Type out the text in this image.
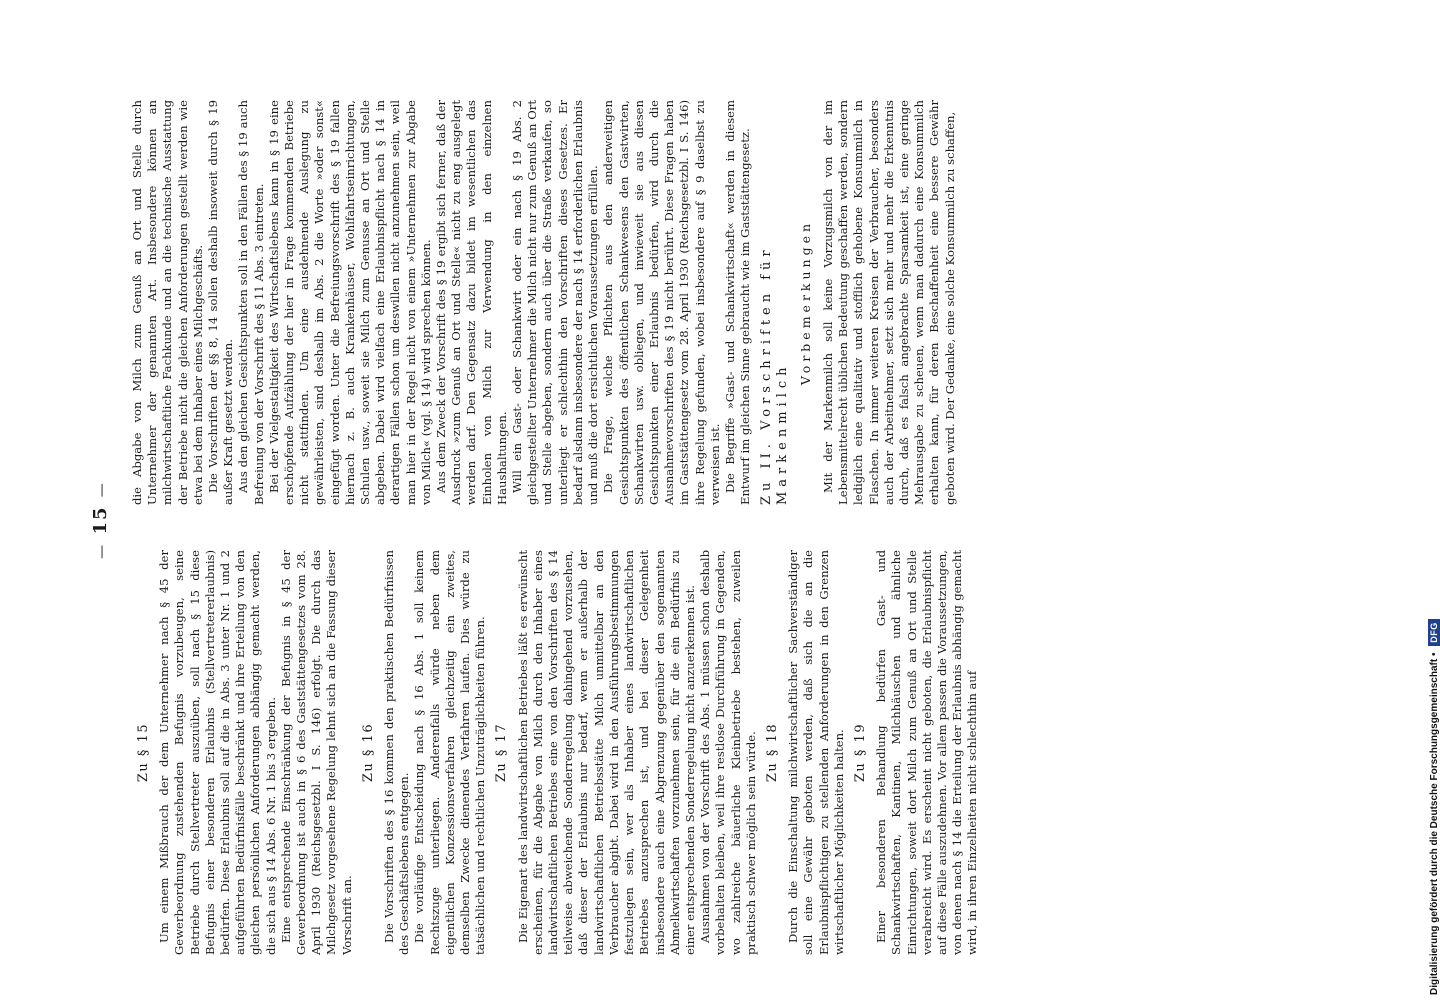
— 15 —
Zu § 15 Um einem Mißbrauch der dem Unternehmer nach § 45 der Gewerbeordnung zustehenden Befugnis vorzubeugen, seine Betriebe durch Stellvertreter auszuüben, soll nach § 15 diese Befugnis einer besonderen Erlaubnis (Stellvertretererlaubnis) bedürfen. Diese Erlaubnis soll auf die in Abs. 3 unter Nr. 1 und 2 aufgeführten Bedürfnisfälle beschränkt und ihre Erteilung von den gleichen persönlichen Anforderungen abhängig gemacht werden, die sich aus § 14 Abs. 6 Nr. 1 bis 3 ergeben. Eine entsprechende Einschränkung der Befugnis in § 45 der Gewerbeordnung ist auch in § 6 des Gaststättengesetzes vom 28. April 1930 (Reichsgesetzbl. I S. 146) erfolgt. Die durch das Milchgesetz vorgesehene Regelung lehnt sich an die Fassung dieser Vorschrift an.

Zu § 16 Die Vorschriften des § 16 kommen den praktischen Bedürfnissen des Geschäftslebens entgegen. Die vorläufige Entscheidung nach § 16 Abs. 1 soll keinem Rechtszuge unterliegen. Anderenfalls würde neben dem eigentlichen Konzessionsverfahren gleichzeitig ein zweites, demselben Zwecke dienendes Verfahren laufen. Dies würde zu tatsächlichen und rechtlichen Unzuträglichkeiten führen. Zu § 17 Die Eigenart des landwirtschaftlichen Betriebes läßt es erwünscht erscheinen, für die Abgabe von Milch durch den Inhaber eines landwirtschaftlichen Betriebes eine von den Vorschriften des § 14 teilweise abweichende Sonderregelung dahingehend vorzusehen, daß dieser der Erlaubnis nur bedarf, wenn er außerhalb der landwirtschaftlichen Betriebsstätte Milch unmittelbar an den Verbraucher abgibt. Dabei wird in den Ausführungsbestimmungen festzulegen sein, wer als Inhaber eines landwirtschaftlichen Betriebes anzusprechen ist, und bei dieser Gelegenheit insbesondere auch eine Abgrenzung gegenüber den sogenannten Abmelkwirtschaften vorzunehmen sein, für die ein Bedürfnis zu einer entsprechenden Sonderregelung nicht anzuerkennen ist. Ausnahmen von der Vorschrift des Abs. 1 müssen schon deshalb vorbehalten bleiben, weil ihre restlose Durchführung in Gegenden, wo zahlreiche bäuerliche Kleinbetriebe bestehen, zuweilen praktisch schwer möglich sein würde. Zu § 18 Durch die Einschaltung milchwirtschaftlicher Sachverständiger soll eine Gewähr geboten werden, daß sich die an die Erlaubnispflichtigen zu stellenden Anforderungen in den Grenzen wirtschaftlicher Möglichkeiten halten. Zu § 19 Einer besonderen Behandlung bedürfen Gast- und Schankwirtschaften, Kantinen, Milchhäuschen und ähnliche Einrichtungen, soweit dort Milch zum Genuß an Ort und Stelle verabreicht wird. Es erscheint nicht geboten, die Erlaubnispflicht auf diese Fälle auszudehnen. Vor allem passen die Voraussetzungen, von denen nach § 14 die Erteilung der Erlaubnis abhängig gemacht wird, in ihren Einzelheiten nicht schlechthin auf

die Abgabe von Milch zum Genuß an Ort und Stelle durch Unternehmer der genannten Art. Insbesondere können an milchwirtschaftliche Fachkunde und an die technische Ausstattung der Betriebe nicht die gleichen Anforderungen gestellt werden wie etwa bei dem Inhaber eines Milchgeschäfts. Die Vorschriften der §§ 8, 14 sollen deshalb insoweit durch § 19 außer Kraft gesetzt werden. Aus den gleichen Gesichtspunkten soll in den Fällen des § 19 auch Befreiung von der Vorschrift des § 11 Abs. 3 eintreten. Bei der Vielgestaltigkeit des Wirtschaftslebens kann in § 19 eine erschöpfende Aufzählung der hier in Frage kommenden Betriebe nicht stattfinden. Um eine ausdehnende Auslegung zu gewährleisten, sind deshalb im Abs. 2 die Worte »oder sonst« eingefügt worden. Unter die Befreiungsvorschrift des § 19 fallen hiernach z. B. auch Krankenhäuser, Wohlfahrtseinrichtungen, Schulen usw., soweit sie Milch zum Genusse an Ort und Stelle abgeben. Dabei wird vielfach eine Erlaubnispflicht nach § 14 in derartigen Fällen schon um deswillen nicht anzunehmen sein, weil man hier in der Regel nicht von einem »Unternehmen zur Abgabe von Milch« (vgl. § 14) wird sprechen können. Aus dem Zweck der Vorschrift des § 19 ergibt sich ferner, daß der Ausdruck »zum Genuß an Ort und Stelle« nicht zu eng ausgelegt werden darf. Den Gegensatz dazu bildet im wesentlichen das Einholen von Milch zur Verwendung in den einzelnen Haushaltungen. Will ein Gast- oder Schankwirt oder ein nach § 19 Abs. 2 gleichgestellter Unternehmer die Milch nicht nur zum Genuß an Ort und Stelle abgeben, sondern auch über die Straße verkaufen, so unterliegt er schlechthin den Vorschriften dieses Gesetzes. Er bedarf alsdann insbesondere der nach § 14 erforderlichen Erlaubnis und muß die dort ersichtlichen Voraussetzungen erfüllen. Die Frage, welche Pflichten aus den anderweitigen Gesichtspunkten des öffentlichen Schankwesens den Gastwirten, Schankwirten usw. obliegen, und inwieweit sie aus diesen Gesichtspunkten einer Erlaubnis bedürfen, wird durch die Ausnahmevorschriften des § 19 nicht berührt. Diese Fragen haben im Gaststättengesetz vom 28. April 1930 (Reichsgesetzbl. I S. 146) ihre Regelung gefunden, wobei insbesondere auf § 9 daselbst zu verweisen ist. Die Begriffe »Gast- und Schankwirtschaft« werden in diesem Entwurf im gleichen Sinne gebraucht wie im Gaststättengesetz. Zu II. Vorschriften für Markenmilch
Vorbemerkungen Mit der Markenmilch soll keine Vorzugsmilch von der im Lebensmittelrecht üblichen Bedeutung geschaffen werden, sondern lediglich eine qualitativ und stofflich gehobene Konsummilch in Flaschen. In immer weiteren Kreisen der Verbraucher, besonders auch der Arbeitnehmer, setzt sich mehr und mehr die Erkenntnis durch, daß es falsch angebrachte Sparsamkeit ist, eine geringe Mehrausgabe zu scheuen, wenn man dadurch eine Konsummilch erhalten kann, für deren Beschaffenheit eine bessere Gewähr geboten wird. Der Gedanke, eine solche Konsummilch zu schaffen,

Digitalisierung gefördert durch die Deutsche Forschungsgemeinschaft • DFG
